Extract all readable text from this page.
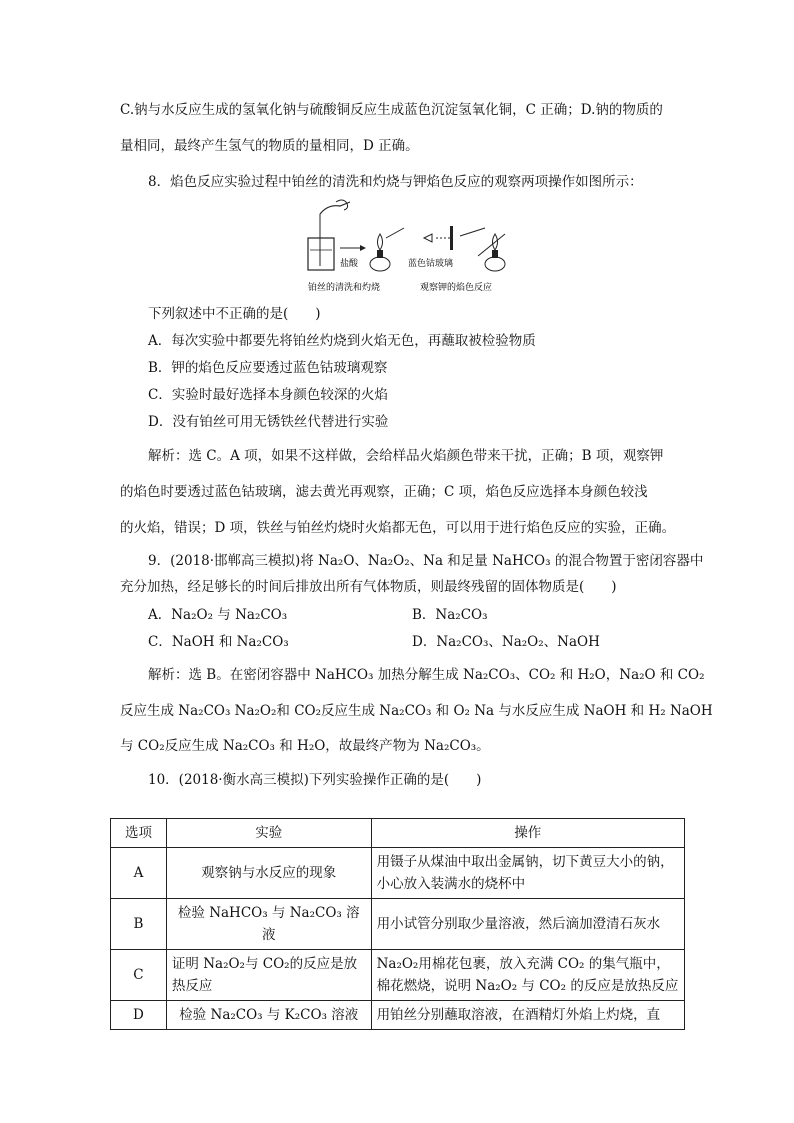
C.钠与水反应生成的氢氧化钠与硫酸铜反应生成蓝色沉淀氢氧化铜，C 正确；D.钠的物质的
量相同，最终产生氢气的物质的量相同，D 正确。
8．焰色反应实验过程中铂丝的清洗和灼烧与钾焰色反应的观察两项操作如图所示：
盐酸	蓝色钴玻璃
铂丝的清洗和灼烧	观察钾的焰色反应
下列叙述中不正确的是(　　)
A．每次实验中都要先将铂丝灼烧到火焰无色，再蘸取被检验物质
B．钾的焰色反应要透过蓝色钴玻璃观察
C．实验时最好选择本身颜色较深的火焰
D．没有铂丝可用无锈铁丝代替进行实验
解析：选 C。A 项，如果不这样做，会给样品火焰颜色带来干扰，正确；B 项，观察钾
的焰色时要透过蓝色钴玻璃，滤去黄光再观察，正确；C 项，焰色反应选择本身颜色较浅
的火焰，错误；D 项，铁丝与铂丝灼烧时火焰都无色，可以用于进行焰色反应的实验，正确。
9．(2018·邯郸高三模拟)将 Na₂O、Na₂O₂、Na 和足量 NaHCO₃ 的混合物置于密闭容器中
充分加热，经足够长的时间后排放出所有气体物质，则最终残留的固体物质是(　　)
A．Na₂O₂ 与 Na₂CO₃	B．Na₂CO₃
C．NaOH 和 Na₂CO₃	D．Na₂CO₃、Na₂O₂、NaOH
解析：选 B。在密闭容器中 NaHCO₃ 加热分解生成 Na₂CO₃、CO₂ 和 H₂O，Na₂O 和 CO₂
反应生成 Na₂CO₃ Na₂O₂和 CO₂反应生成 Na₂CO₃ 和 O₂ Na 与水反应生成 NaOH 和 H₂ NaOH
与 CO₂反应生成 Na₂CO₃ 和 H₂O，故最终产物为 Na₂CO₃。
10．(2018·衡水高三模拟)下列实验操作正确的是(　　)
选项	实验	操作
A	观察钠与水反应的现象	用镊子从煤油中取出金属钠，切下黄豆大小的钠，小心放入装满水的烧杯中
B	检验 NaHCO₃ 与 Na₂CO₃ 溶液	用小试管分别取少量溶液，然后滴加澄清石灰水
C	证明 Na₂O₂与 CO₂的反应是放热反应	Na₂O₂用棉花包裹，放入充满 CO₂ 的集气瓶中，棉花燃烧，说明 Na₂O₂ 与 CO₂ 的反应是放热反应
D	检验 Na₂CO₃ 与 K₂CO₃ 溶液	用铂丝分别蘸取溶液，在酒精灯外焰上灼烧，直
